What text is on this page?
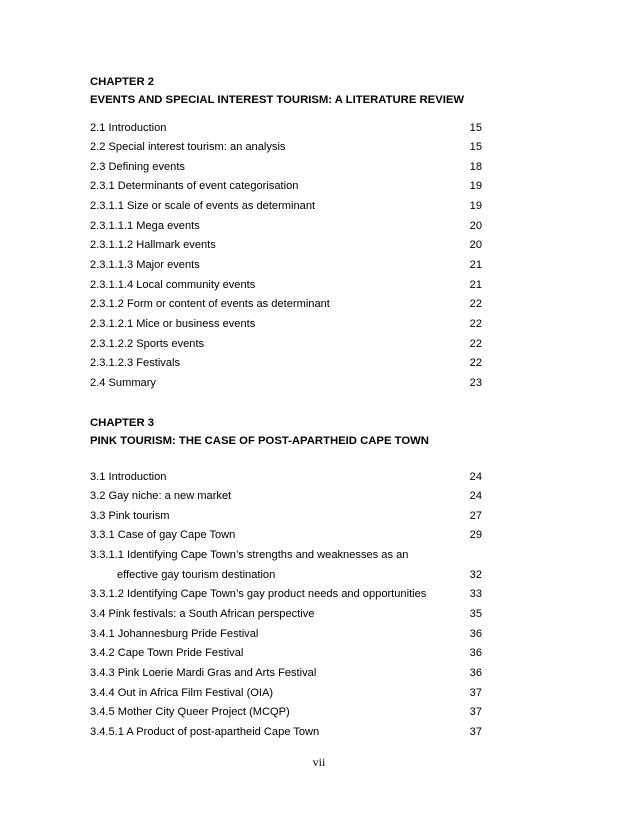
CHAPTER 2
EVENTS AND SPECIAL INTEREST TOURISM: A LITERATURE REVIEW
2.1 Introduction	15
2.2 Special interest tourism: an analysis	15
2.3 Defining events	18
2.3.1 Determinants of event categorisation	19
2.3.1.1 Size or scale of events as determinant	19
2.3.1.1.1 Mega events	20
2.3.1.1.2 Hallmark events	20
2.3.1.1.3 Major events	21
2.3.1.1.4 Local community events	21
2.3.1.2 Form or content of events as determinant	22
2.3.1.2.1 Mice or business events	22
2.3.1.2.2 Sports events	22
2.3.1.2.3 Festivals	22
2.4 Summary	23
CHAPTER 3
PINK TOURISM: THE CASE OF POST-APARTHEID CAPE TOWN
3.1 Introduction	24
3.2 Gay niche: a new market	24
3.3 Pink tourism	27
3.3.1 Case of gay Cape Town	29
3.3.1.1 Identifying Cape Town’s strengths and weaknesses as an
effective gay tourism destination	32
3.3.1.2 Identifying Cape Town’s gay product needs and opportunities	33
3.4 Pink festivals: a South African perspective	35
3.4.1 Johannesburg Pride Festival	36
3.4.2 Cape Town Pride Festival	36
3.4.3 Pink Loerie Mardi Gras and Arts Festival	36
3.4.4 Out in Africa Film Festival (OIA)	37
3.4.5 Mother City Queer Project (MCQP)	37
3.4.5.1 A Product of post-apartheid Cape Town	37
vii
